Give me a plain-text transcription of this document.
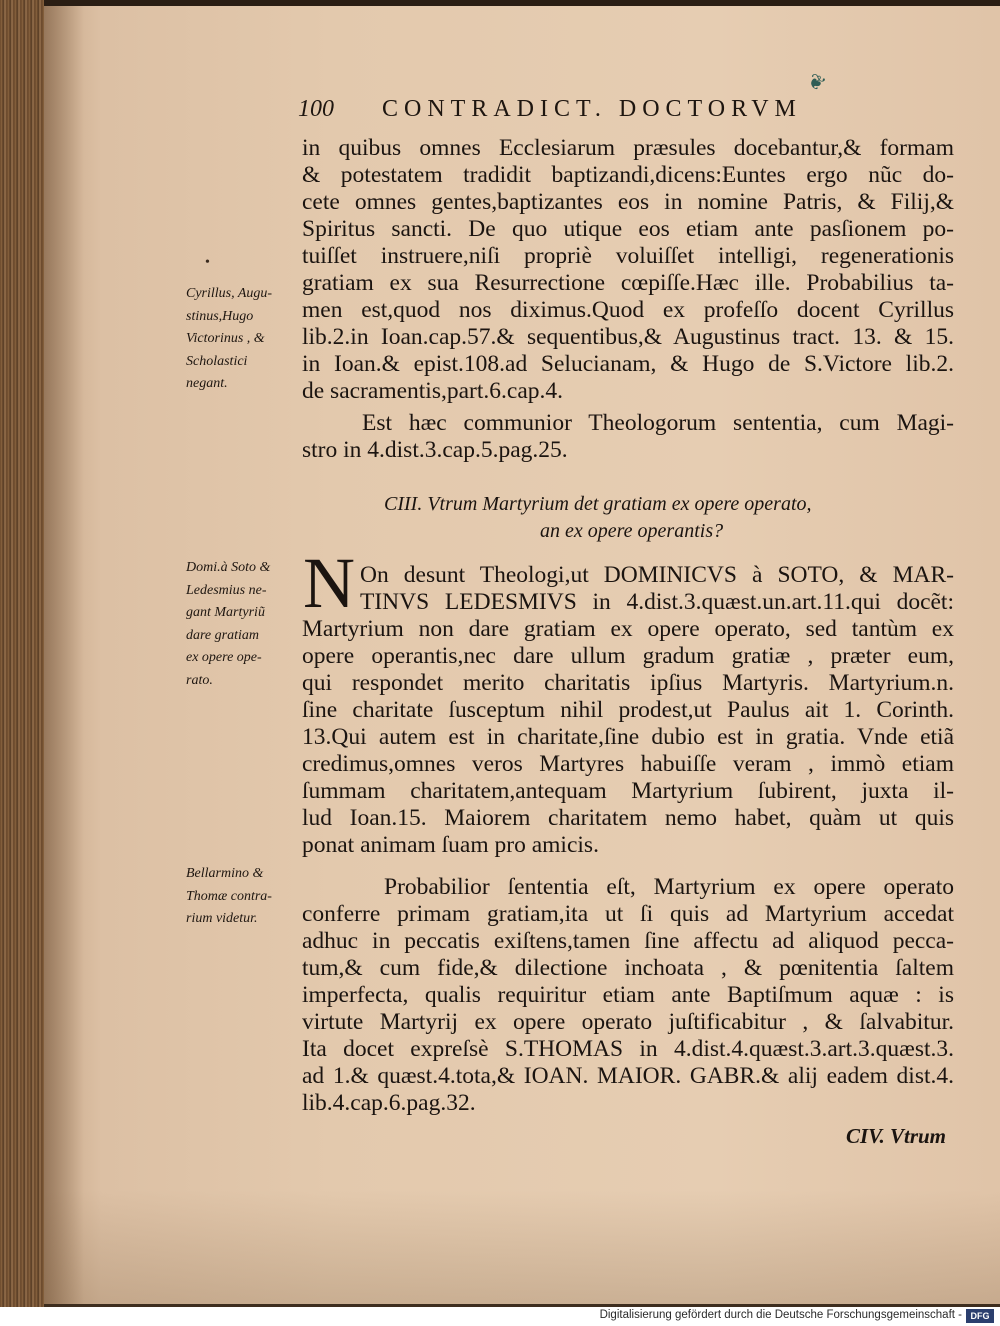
100 CONTRADICT. DOCTORVM
❦
•
in quibus omnes Ecclesiarum præsules docebantur,& formam
& potestatem tradidit baptizandi,dicens:Euntes ergo nũc do-
cete omnes gentes,baptizantes eos in nomine Patris, & Filij,&
Spiritus sancti. De quo utique eos etiam ante pasſionem po-
tuiſſet instruere,niſi propriè voluiſſet intelligi, regenerationis
gratiam ex sua Resurrectione cœpiſſe.Hæc ille. Probabilius ta-
men est,quod nos diximus.Quod ex profeſſo docent Cyrillus
lib.2.in Ioan.cap.57.& sequentibus,& Augustinus tract. 13. & 15.
in Ioan.& epist.108.ad Selucianam, & Hugo de S.Victore lib.2.
de sacramentis,part.6.cap.4.
Est hæc communior Theologorum sententia, cum Magi-
stro in 4.dist.3.cap.5.pag.25.
CIII. Vtrum Martyrium det gratiam ex opere operato,
an ex opere operantis?
N On desunt Theologi,ut DOMINICVS à SOTO, & MAR-
TINVS LEDESMIVS in 4.dist.3.quæst.un.art.11.qui docẽt:
Martyrium non dare gratiam ex opere operato, sed tantùm ex
opere operantis,nec dare ullum gradum gratiæ , præter eum,
qui respondet merito charitatis ipſius Martyris. Martyrium.n.
ſine charitate ſusceptum nihil prodest,ut Paulus ait 1. Corinth.
13.Qui autem est in charitate,ſine dubio est in gratia. Vnde etiã
credimus,omnes veros Martyres habuiſſe veram , immò etiam
ſummam charitatem,antequam Martyrium ſubirent, juxta il-
lud Ioan.15. Maiorem charitatem nemo habet, quàm ut quis
ponat animam ſuam pro amicis.
Probabilior ſententia eſt, Martyrium ex opere operato
conferre primam gratiam,ita ut ſi quis ad Martyrium accedat
adhuc in peccatis exiſtens,tamen ſine affectu ad aliquod pecca-
tum,& cum fide,& dilectione inchoata , & pœnitentia ſaltem
imperfecta, qualis requiritur etiam ante Baptiſmum aquæ : is
virtute Martyrij ex opere operato juſtificabitur , & ſalvabitur.
Ita docet expreſsè S.THOMAS in 4.dist.4.quæst.3.art.3.quæst.3.
ad 1.& quæst.4.tota,& IOAN. MAIOR. GABR.& alij eadem dist.4.
lib.4.cap.6.pag.32.
CIV. Vtrum
Cyrillus, Augu-
stinus,Hugo
Victorinus , &
Scholastici
negant.
Domi.à Soto &
Ledesmius ne-
gant Martyriũ
dare gratiam
ex opere ope-
rato.
Bellarmino &
Thomæ contra-
rium videtur.
Digitalisierung gefördert durch die Deutsche Forschungsgemeinschaft - DFG
